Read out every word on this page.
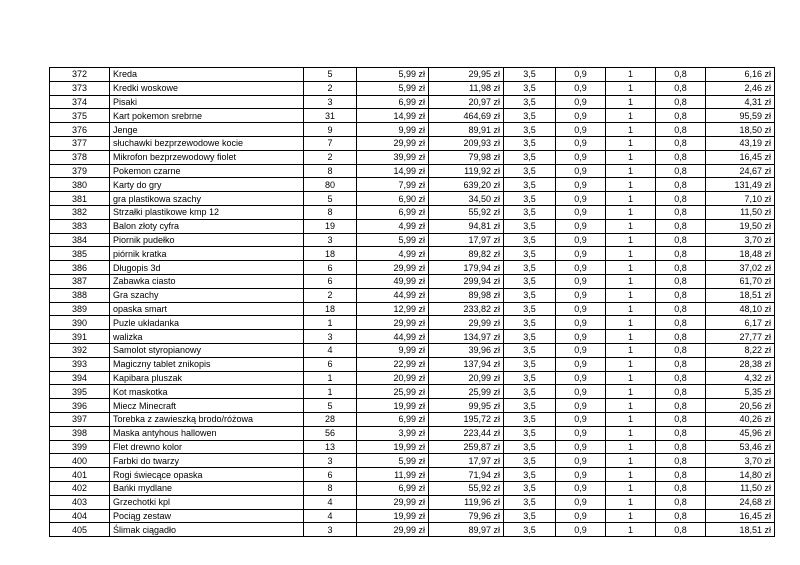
372	Kreda	5	5,99 zł	29,95 zł	3,5	0,9	1	0,8	6,16 zł
373	Kredki woskowe	2	5,99 zł	11,98 zł	3,5	0,9	1	0,8	2,46 zł
374	Pisaki	3	6,99 zł	20,97 zł	3,5	0,9	1	0,8	4,31 zł
375	Kart pokemon srebrne	31	14,99 zł	464,69 zł	3,5	0,9	1	0,8	95,59 zł
376	Jenge	9	9,99 zł	89,91 zł	3,5	0,9	1	0,8	18,50 zł
377	słuchawki bezprzewodowe kocie	7	29,99 zł	209,93 zł	3,5	0,9	1	0,8	43,19 zł
378	Mikrofon bezprzewodowy fiolet	2	39,99 zł	79,98 zł	3,5	0,9	1	0,8	16,45 zł
379	Pokemon czarne	8	14,99 zł	119,92 zł	3,5	0,9	1	0,8	24,67 zł
380	Karty do gry	80	7,99 zł	639,20 zł	3,5	0,9	1	0,8	131,49 zł
381	gra plastikowa szachy	5	6,90 zł	34,50 zł	3,5	0,9	1	0,8	7,10 zł
382	Strzałki plastikowe kmp 12	8	6,99 zł	55,92 zł	3,5	0,9	1	0,8	11,50 zł
383	Balon złoty cyfra	19	4,99 zł	94,81 zł	3,5	0,9	1	0,8	19,50 zł
384	Piornik pudełko	3	5,99 zł	17,97 zł	3,5	0,9	1	0,8	3,70 zł
385	piórnik kratka	18	4,99 zł	89,82 zł	3,5	0,9	1	0,8	18,48 zł
386	Długopis 3d	6	29,99 zł	179,94 zł	3,5	0,9	1	0,8	37,02 zł
387	Zabawka ciasto	6	49,99 zł	299,94 zł	3,5	0,9	1	0,8	61,70 zł
388	Gra szachy	2	44,99 zł	89,98 zł	3,5	0,9	1	0,8	18,51 zł
389	opaska smart	18	12,99 zł	233,82 zł	3,5	0,9	1	0,8	48,10 zł
390	Puzle układanka	1	29,99 zł	29,99 zł	3,5	0,9	1	0,8	6,17 zł
391	walizka	3	44,99 zł	134,97 zł	3,5	0,9	1	0,8	27,77 zł
392	Samolot styropianowy	4	9,99 zł	39,96 zł	3,5	0,9	1	0,8	8,22 zł
393	Magiczny tablet znikopis	6	22,99 zł	137,94 zł	3,5	0,9	1	0,8	28,38 zł
394	Kapibara pluszak	1	20,99 zł	20,99 zł	3,5	0,9	1	0,8	4,32 zł
395	Kot maskotka	1	25,99 zł	25,99 zł	3,5	0,9	1	0,8	5,35 zł
396	Miecz Minecraft	5	19,99 zł	99,95 zł	3,5	0,9	1	0,8	20,56 zł
397	Torebka z zawieszką brodo/różowa	28	6,99 zł	195,72 zł	3,5	0,9	1	0,8	40,26 zł
398	Maska antyhous hallowen	56	3,99 zł	223,44 zł	3,5	0,9	1	0,8	45,96 zł
399	Flet drewno kolor	13	19,99 zł	259,87 zł	3,5	0,9	1	0,8	53,46 zł
400	Farbki do twarzy	3	5,99 zł	17,97 zł	3,5	0,9	1	0,8	3,70 zł
401	Rogi świecące opaska	6	11,99 zł	71,94 zł	3,5	0,9	1	0,8	14,80 zł
402	Bańki mydlane	8	6,99 zł	55,92 zł	3,5	0,9	1	0,8	11,50 zł
403	Grzechotki kpl	4	29,99 zł	119,96 zł	3,5	0,9	1	0,8	24,68 zł
404	Pociąg zestaw	4	19,99 zł	79,96 zł	3,5	0,9	1	0,8	16,45 zł
405	Ślimak ciągadło	3	29,99 zł	89,97 zł	3,5	0,9	1	0,8	18,51 zł
